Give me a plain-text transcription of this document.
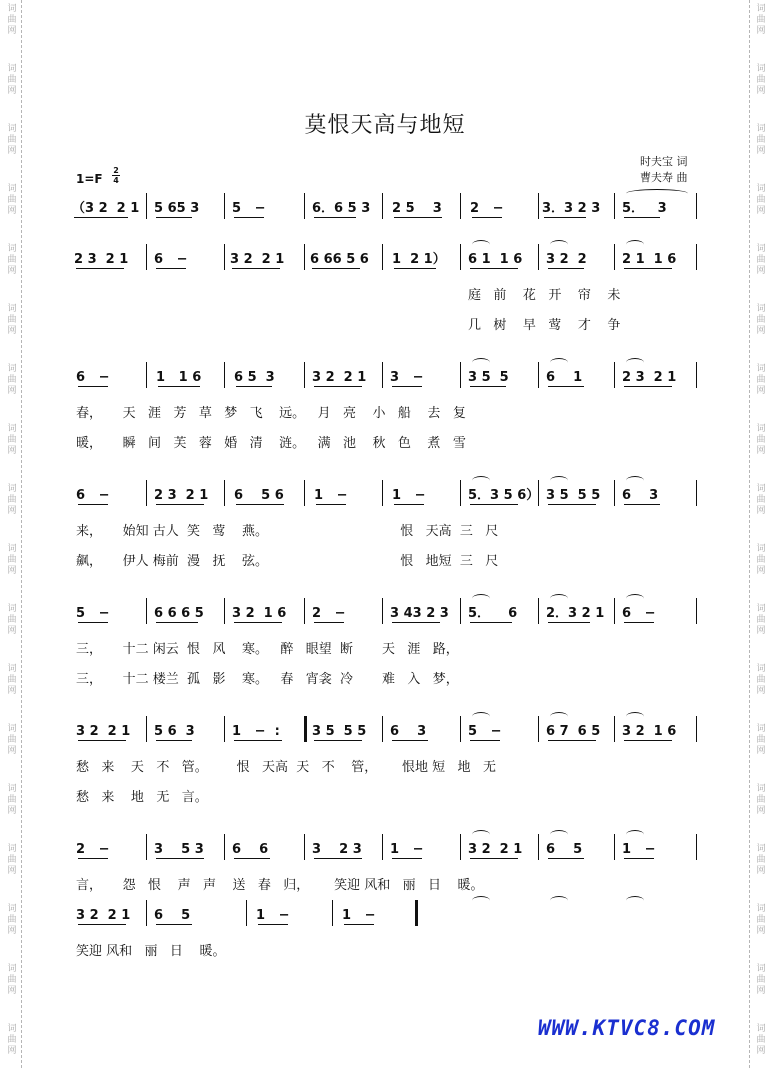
词
曲
网
词
曲
网
词
曲
网
词
曲
网
词
曲
网
词
曲
网
词
曲
网
词
曲
网
词
曲
网
词
曲
网
词
曲
网
词
曲
网
词
曲
网
词
曲
网
词
曲
网
词
曲
网
词
曲
网
词
曲
网
词
曲
网
词
曲
网
词
曲
网
词
曲
网
词
曲
网
词
曲
网
词
曲
网
词
曲
网
词
曲
网
词
曲
网
词
曲
网
词
曲
网
词
曲
网
词
曲
网
词
曲
网
词
曲
网
词
曲
网
词
曲
网
莫恨天高与地短
时夫宝 词
曹夫寿 曲
1=F
2
4
（3 2  2 1 5 65 3	5   −	6．6 5 3 2 5    3 2   −	3．3 2 3 5．   3
2 3  2 1 6   −	3 2  2 1 6 66 5 6 1  2 1） 6 1  1 6 3 2  2	2 1  1 6
庭   前    花   开    帘    未
几   树    早   莺    才    争
6   −	1   1 6	6 5  3	3 2  2 1 3   −	3 5  5	6    1	2 3  2 1
春，     天   涯   芳   草   梦   飞    远。   月   亮    小   船    去   复
暖，     瞬   间   芙   蓉   婚   清    涟。   满   池    秋   色    煮   雪
6   −	2 3  2 1 6    5 6 1   −	1   −	5．3 5 6） 3 5  5 5 6    3
来，     始知 古人  笑   莺    燕。                                恨   天高  三   尺
飙，     伊人 梅前  漫   抚    弦。                                恨   地短  三   尺
5   −	6 6 6 5 3 2  1 6 2   −	3 43 2 3 5．    6 2．3 2 1 6   −
三，     十二 闲云  恨   风    寒。   醉   眼望  断       天   涯   路，
三，     十二 楼兰  孤   影    寒。   春   宵衾  冷       难   入   梦，
3 2  2 1 5 6  3	1   −  : 3 5  5 5 6    3	5   −	6 7  6 5 3 2  1 6
愁   来    天   不   管。       恨   天高  天   不    管，      恨地 短   地   无
愁   来    地   无   言。
2   −	3    5 3 6    6	3    2 3 1   −	3 2  2 1 6    5	1   −
言，     怨   恨    声   声    送   春   归，      笑迎 风和   丽   日    暖。
3 2  2 1 6    5	1   −	1   −
笑迎 风和   丽   日    暖。
WWW.KTVC8.COM
